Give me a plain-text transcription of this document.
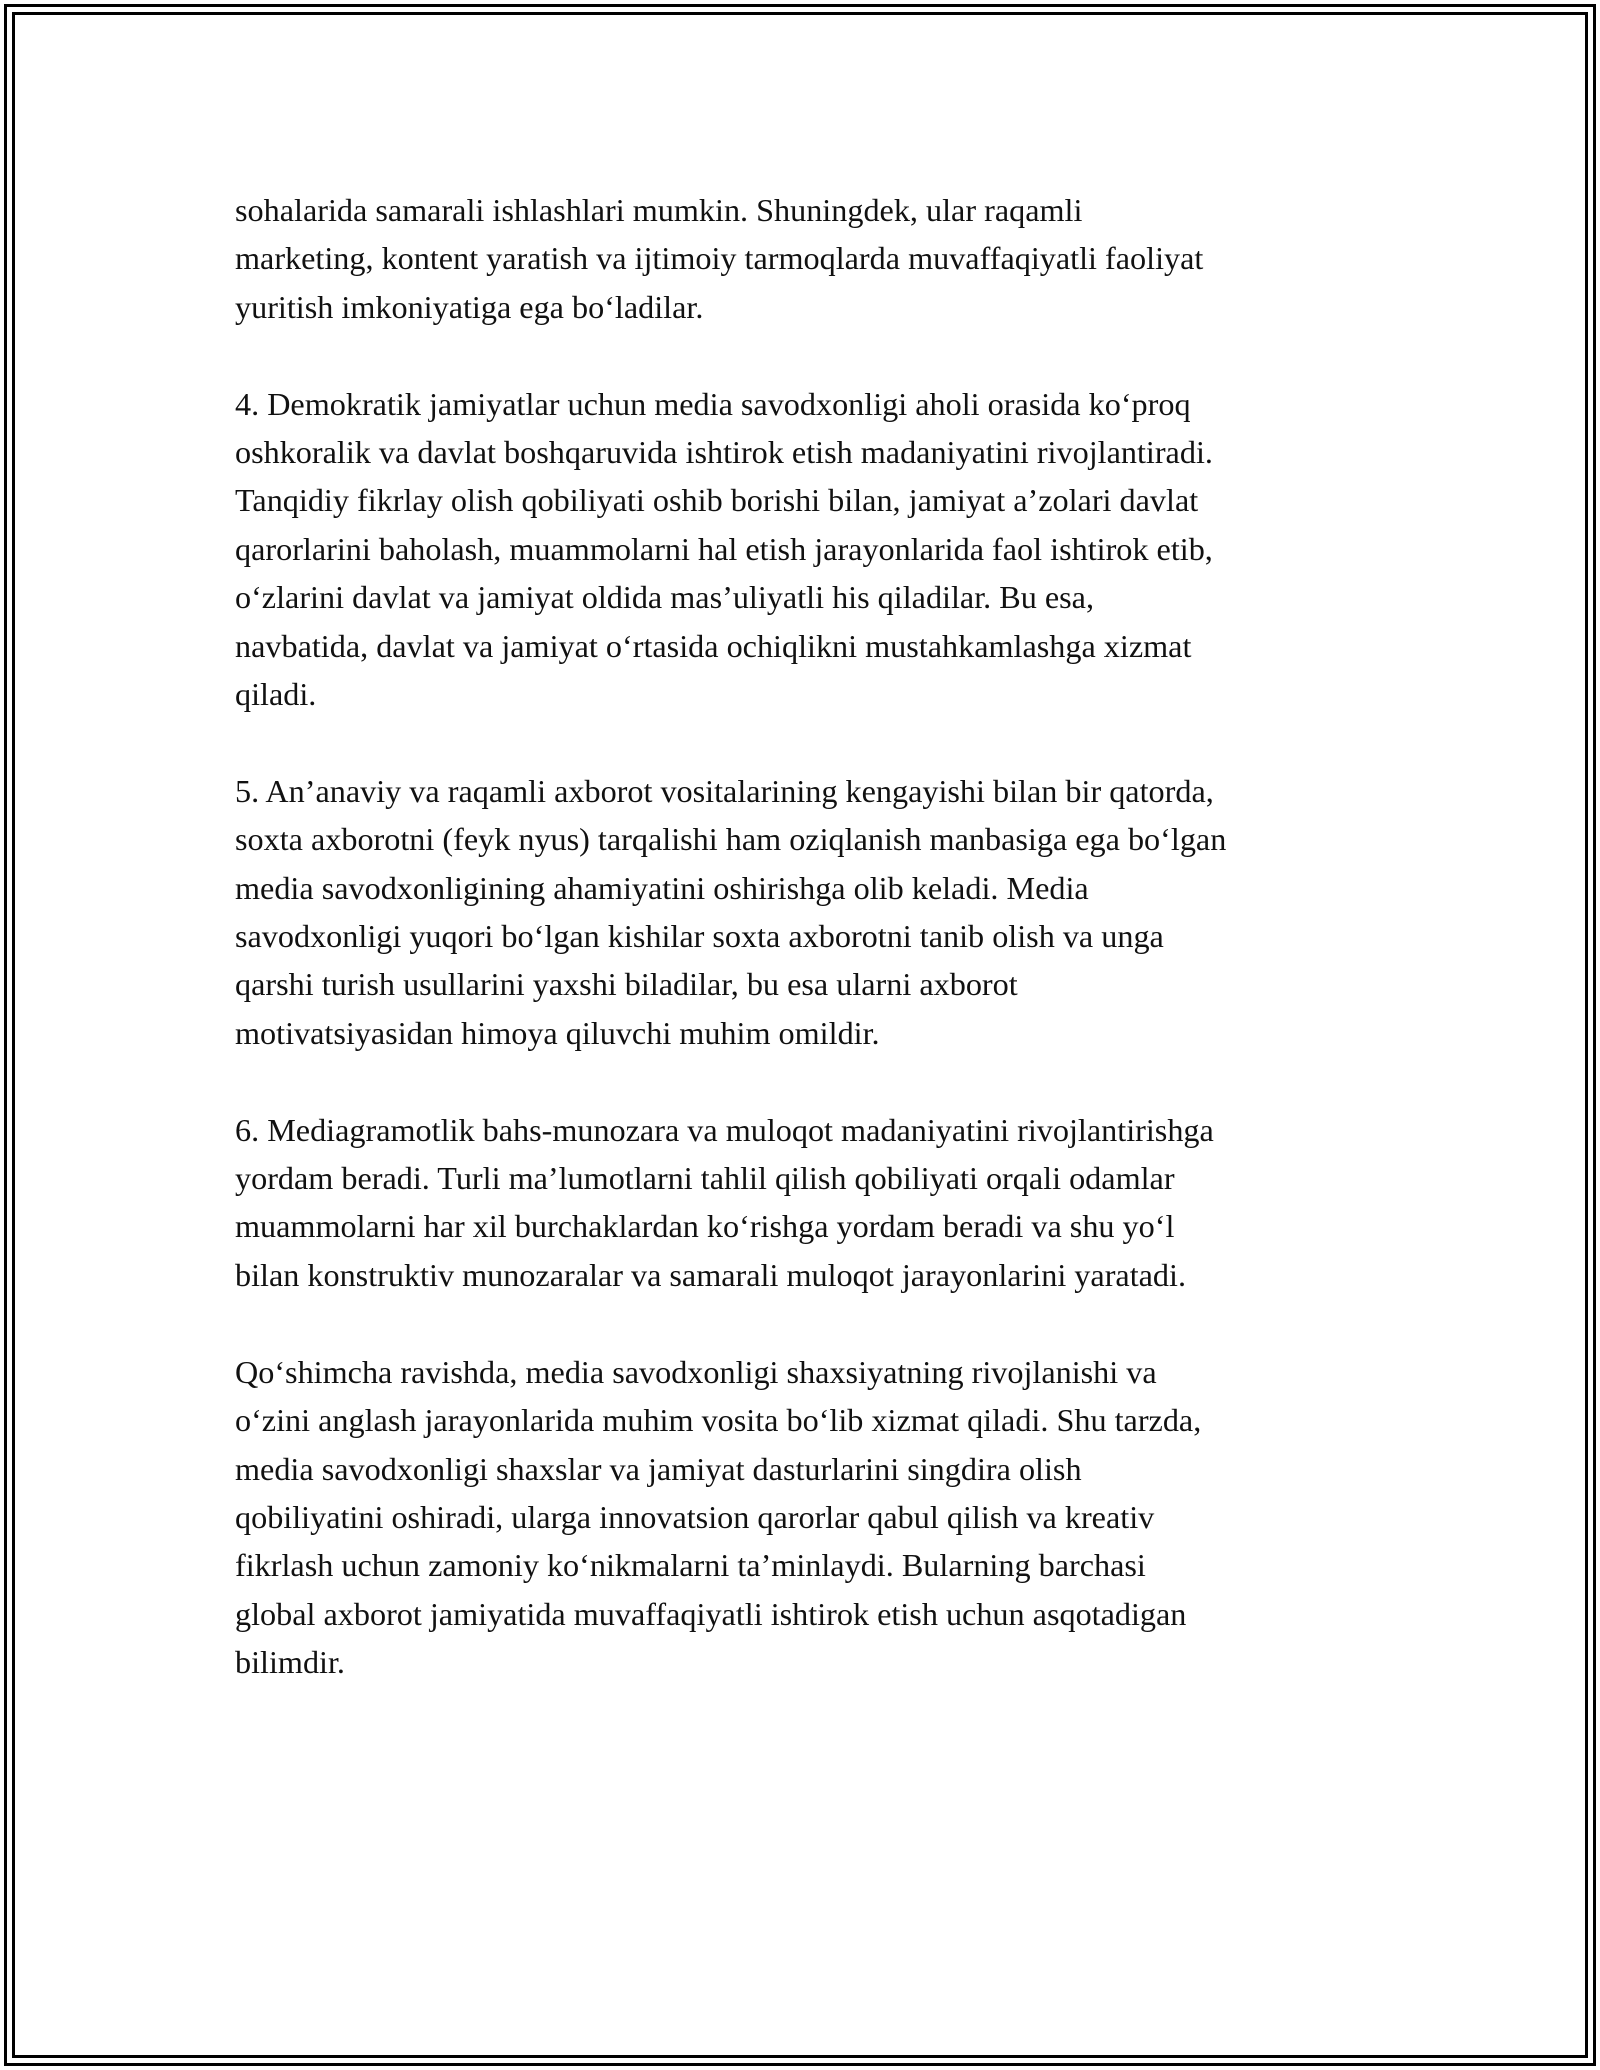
sohalarida samarali ishlashlari mumkin. Shuningdek, ular raqamli
marketing, kontent yaratish va ijtimoiy tarmoqlarda muvaffaqiyatli faoliyat
yuritish imkoniyatiga ega bo‘ladilar.

4. Demokratik jamiyatlar uchun media savodxonligi aholi orasida ko‘proq
oshkoralik va davlat boshqaruvida ishtirok etish madaniyatini rivojlantiradi.
Tanqidiy fikrlay olish qobiliyati oshib borishi bilan, jamiyat a’zolari davlat
qarorlarini baholash, muammolarni hal etish jarayonlarida faol ishtirok etib,
o‘zlarini davlat va jamiyat oldida mas’uliyatli his qiladilar. Bu esa,
navbatida, davlat va jamiyat o‘rtasida ochiqlikni mustahkamlashga xizmat
qiladi.

5. An’anaviy va raqamli axborot vositalarining kengayishi bilan bir qatorda,
soxta axborotni (feyk nyus) tarqalishi ham oziqlanish manbasiga ega bo‘lgan
media savodxonligining ahamiyatini oshirishga olib keladi. Media
savodxonligi yuqori bo‘lgan kishilar soxta axborotni tanib olish va unga
qarshi turish usullarini yaxshi biladilar, bu esa ularni axborot
motivatsiyasidan himoya qiluvchi muhim omildir.

6. Mediagramotlik bahs-munozara va muloqot madaniyatini rivojlantirishga
yordam beradi. Turli ma’lumotlarni tahlil qilish qobiliyati orqali odamlar
muammolarni har xil burchaklardan ko‘rishga yordam beradi va shu yo‘l
bilan konstruktiv munozaralar va samarali muloqot jarayonlarini yaratadi.

Qo‘shimcha ravishda, media savodxonligi shaxsiyatning rivojlanishi va
o‘zini anglash jarayonlarida muhim vosita bo‘lib xizmat qiladi. Shu tarzda,
media savodxonligi shaxslar va jamiyat dasturlarini singdira olish
qobiliyatini oshiradi, ularga innovatsion qarorlar qabul qilish va kreativ
fikrlash uchun zamoniy ko‘nikmalarni ta’minlaydi. Bularning barchasi
global axborot jamiyatida muvaffaqiyatli ishtirok etish uchun asqotadigan
bilimdir.
